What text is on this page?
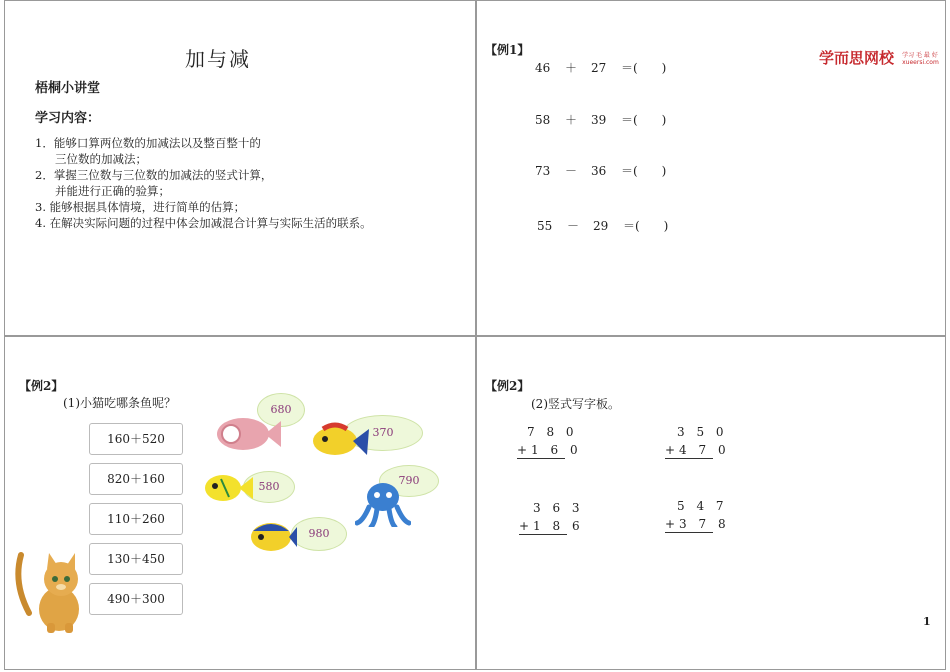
加与减
梧桐小讲堂
学习内容：
1．能够口算两位数的加减法以及整百整十的
三位数的加减法；
2．掌握三位数与三位数的加减法的竖式计算，
并能进行正确的验算；
3. 能够根据具体情境，进行简单的估算；
4. 在解决实际问题的过程中体会加减混合计算与实际生活的联系。
【例1】	学而思网校 学习 毛 最 好
xueersi.com
46 ＋ 27 ＝(　　)
58 ＋ 39 ＝(　　)
73 － 36 ＝(　　)
55 － 29 ＝(　　)
【例2】
(1)小猫吃哪条鱼呢？
160＋520
820＋160
110＋260
130＋450
490＋300
680
370
580	790
980
【例2】
(2)竖式写字板。
7 8 0
+1 6 0
3 5 0
+4 7 0
3 6 3
+1 8 6
5 4 7
+3 7 8
1
